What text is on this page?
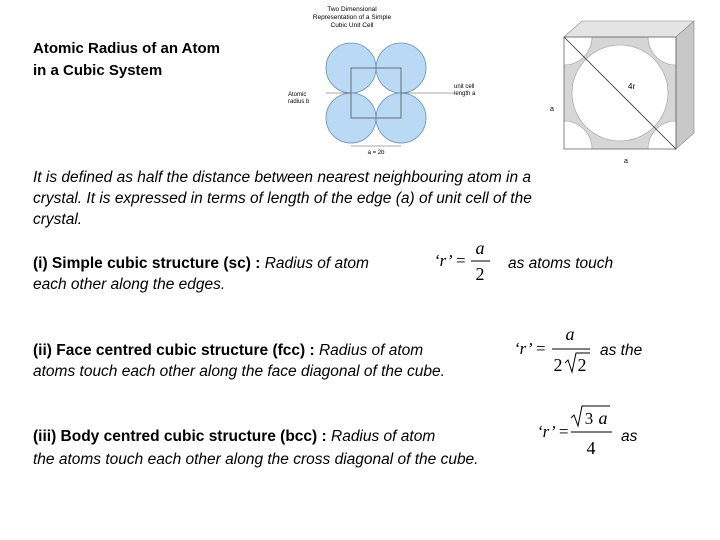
Atomic Radius of an Atom
in a Cubic System
Two Dimensional
Representation of a Simple
Cubic Unit Cell
Atomic
radius b
unit cell
length a
a = 2b
4r
a
a
It is defined as half the distance between nearest neighbouring atom in a
crystal. It is expressed in terms of length of the edge (a) of unit cell of the
crystal.
(i) Simple cubic structure (sc) : Radius of atom	‘r’ =
a
2
as atoms touch
each other along the edges.
(ii) Face centred cubic structure (fcc) : Radius of atom	‘r’ =
a
2 2
as the
atoms touch each other along the face diagonal of the cube.
(iii) Body centred cubic structure (bcc) : Radius of atom	‘r’ =
3 a
4
as
the atoms touch each other along the cross diagonal of the cube.
